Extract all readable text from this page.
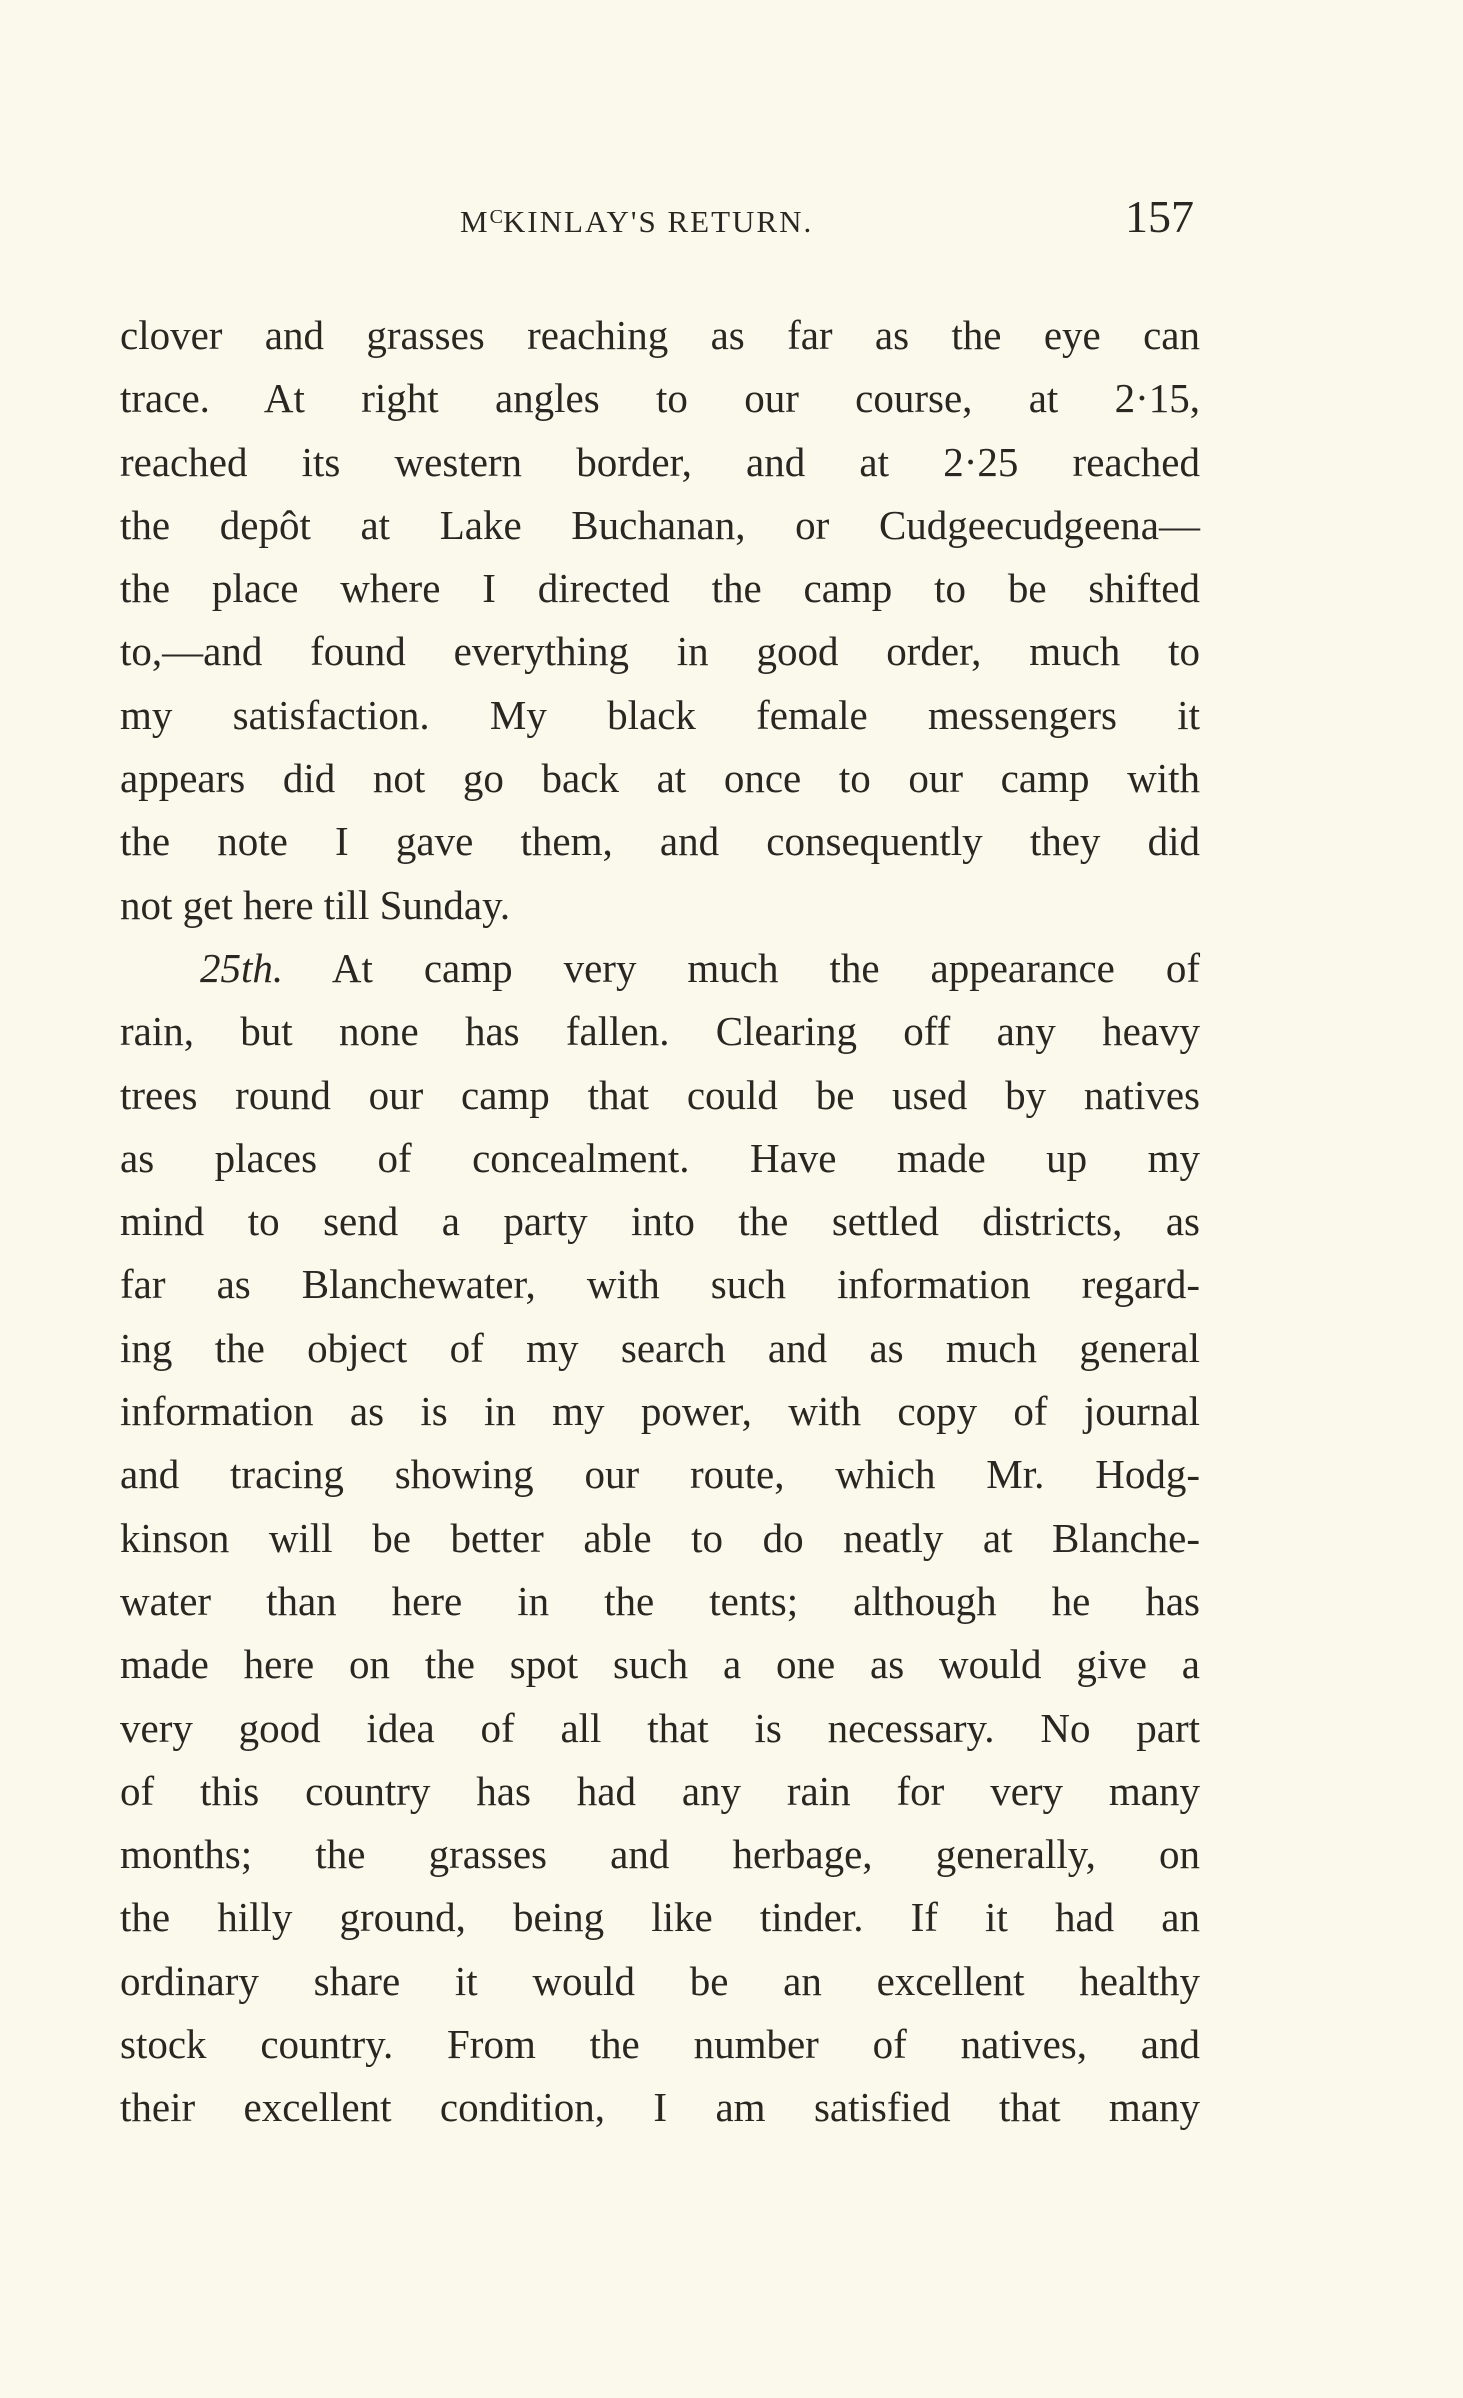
$M^CKINLAY'S$ RETURN.	157
clover and grasses reaching as far as the eye can
trace. At right angles to our course, at 2·15,
reached its western border, and at 2·25 reached
the depôt at Lake Buchanan, or Cudgeecudgeena—
the place where I directed the camp to be shifted
to,—and found everything in good order, much to
my satisfaction. My black female messengers it
appears did not go back at once to our camp with
the note I gave them, and consequently they did
not get here till Sunday.
25th. At camp very much the appearance of
rain, but none has fallen. Clearing off any heavy
trees round our camp that could be used by natives
as places of concealment. Have made up my
mind to send a party into the settled districts, as
far as Blanchewater, with such information regard-
ing the object of my search and as much general
information as is in my power, with copy of journal
and tracing showing our route, which Mr. Hodg-
kinson will be better able to do neatly at Blanche-
water than here in the tents; although he has
made here on the spot such a one as would give a
very good idea of all that is necessary. No part
of this country has had any rain for very many
months; the grasses and herbage, generally, on
the hilly ground, being like tinder. If it had an
ordinary share it would be an excellent healthy
stock country. From the number of natives, and
their excellent condition, I am satisfied that many
